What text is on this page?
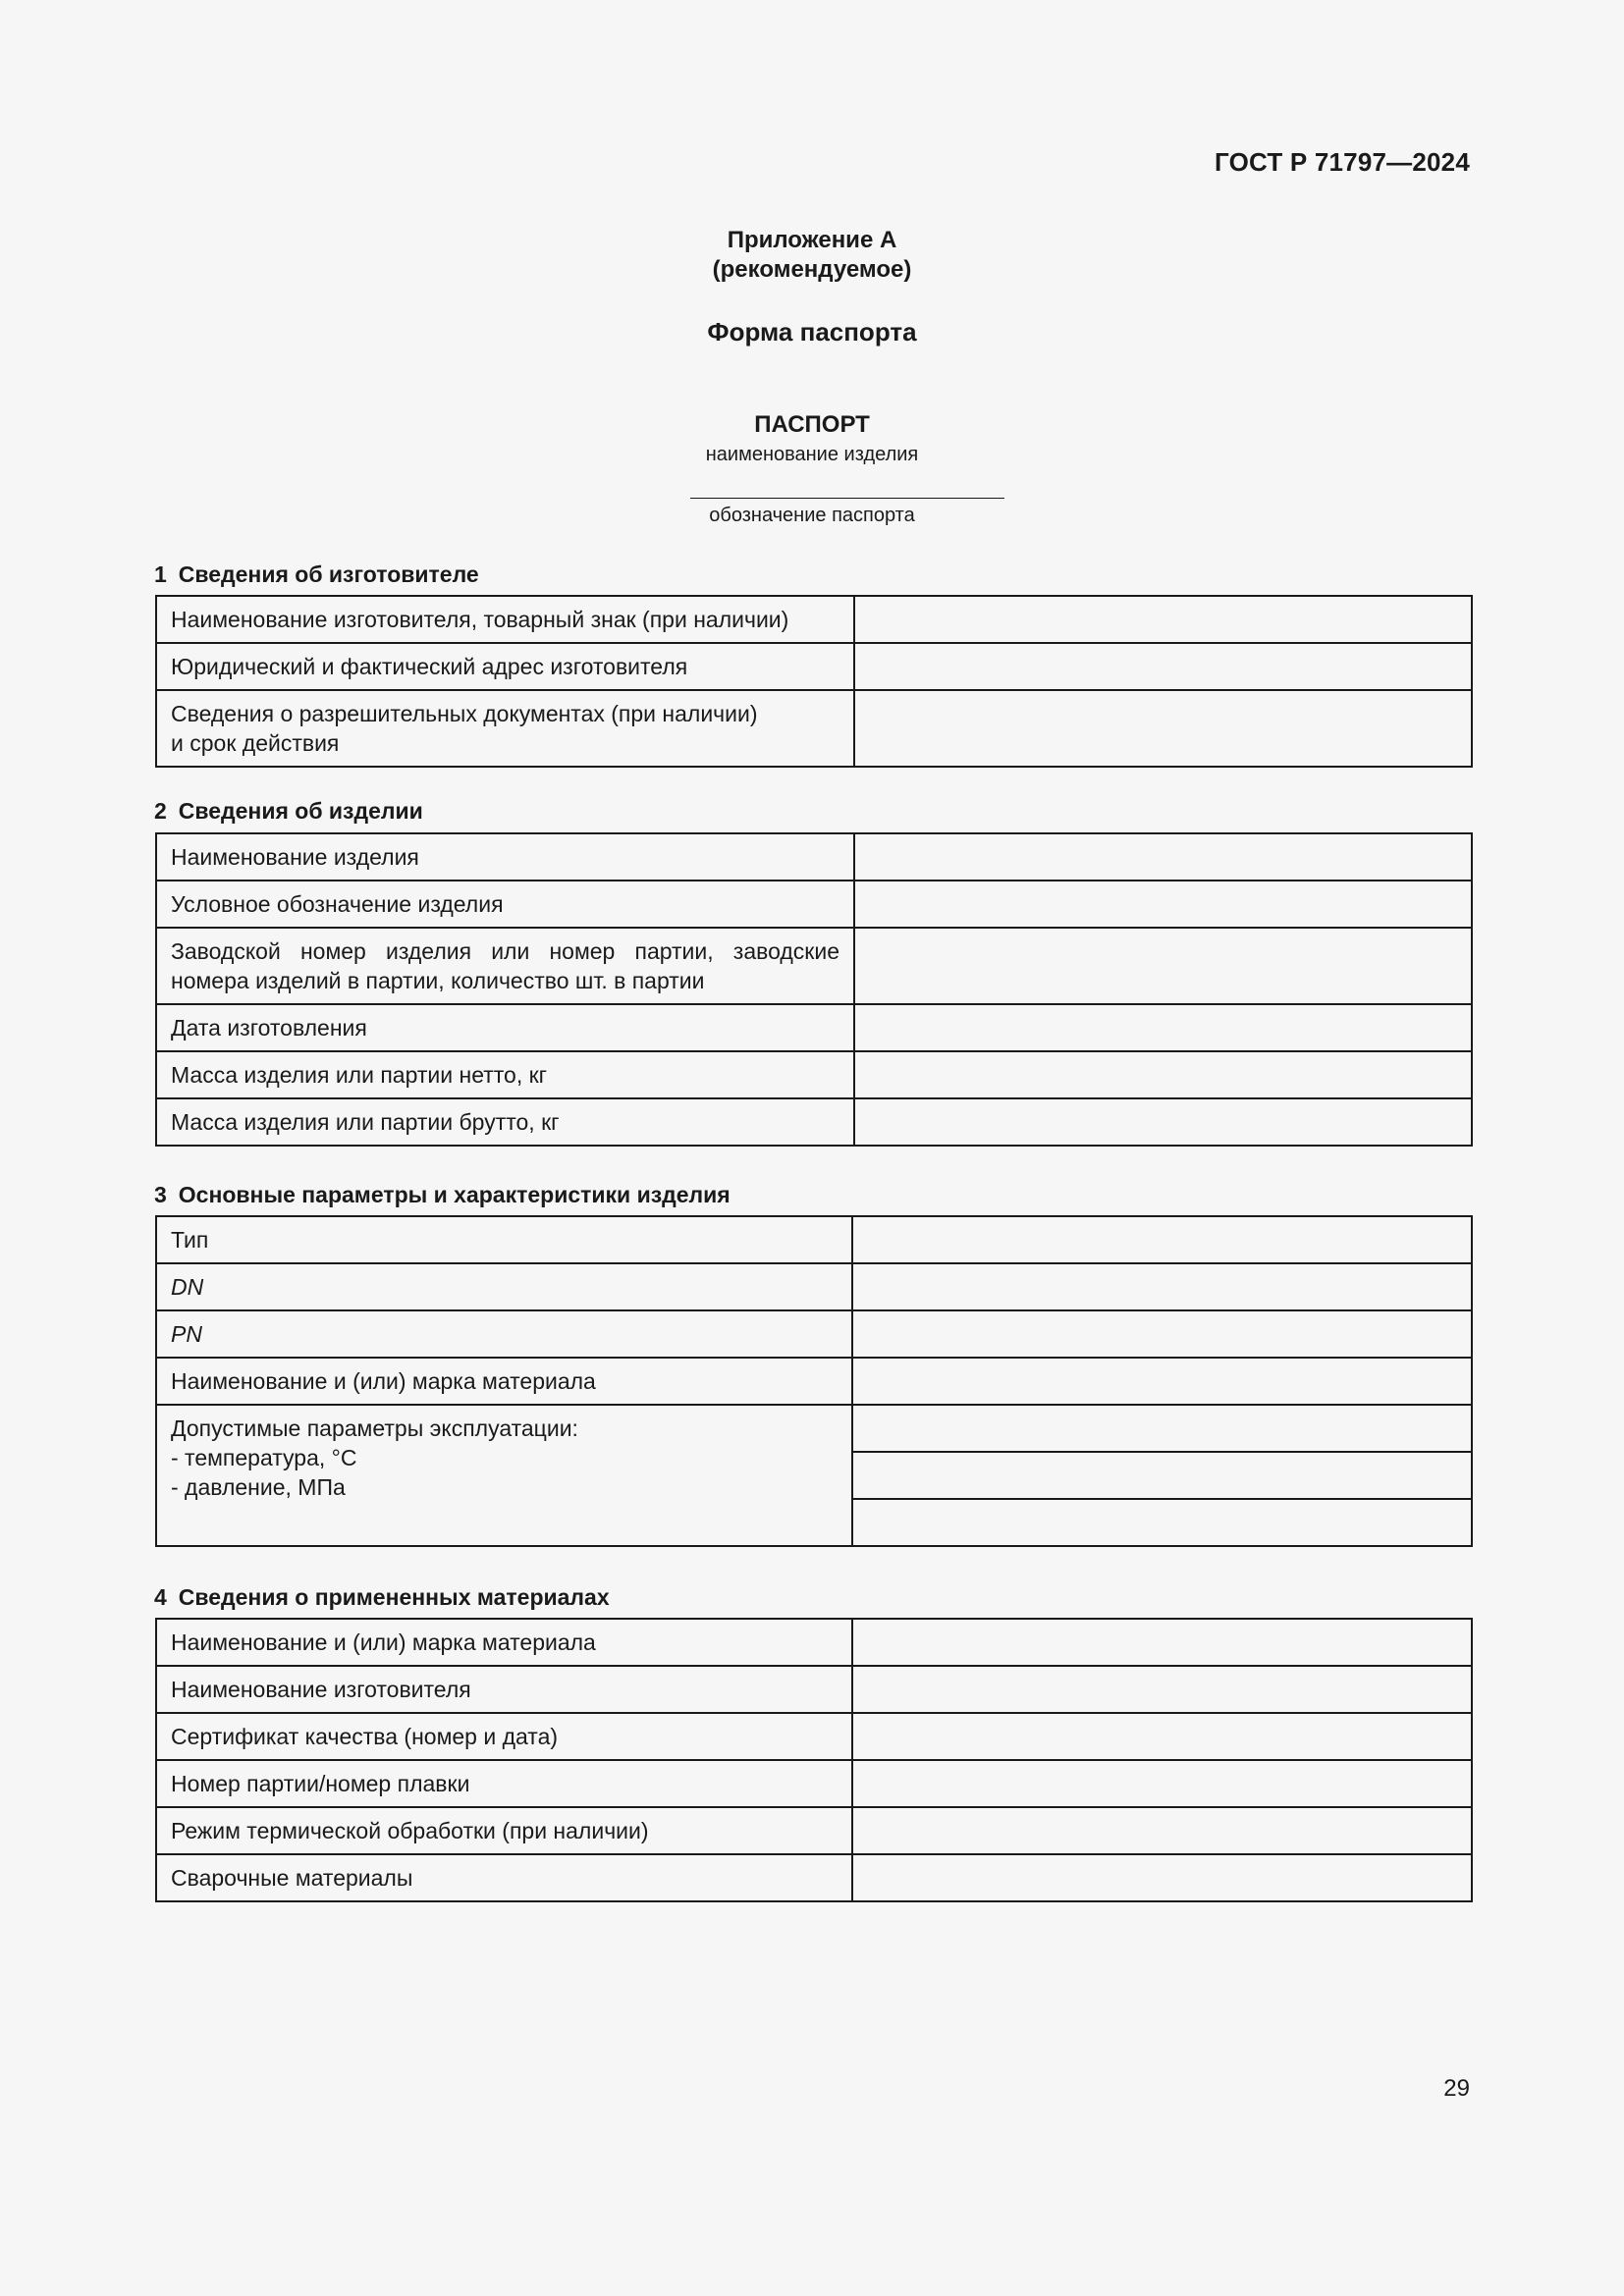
ГОСТ Р 71797—2024
Приложение А
(рекомендуемое)
Форма паспорта
ПАСПОРТ
наименование изделия
обозначение паспорта
1 Сведения об изготовителе
Наименование изготовителя, товарный знак (при наличии)	
Юридический и фактический адрес изготовителя	

Сведения о разрешительных документах (при наличии)
и срок действия	

2 Сведения об изделии
Наименование изделия	
Условное обозначение изделия	

Заводской номер изделия или номер партии, заводские
номера изделий в партии, количество шт. в партии	

Дата изготовления	
Масса изделия или партии нетто, кг	
Масса изделия или партии брутто, кг	
3 Основные параметры и характеристики изделия
Тип	
DN	
PN	
Наименование и (или) марка материала	

Допустимые параметры эксплуатации:
- температура, °С
- давление, МПа	

4 Сведения о примененных материалах
Наименование и (или) марка материала	
Наименование изготовителя	
Сертификат качества (номер и дата)	
Номер партии/номер плавки	
Режим термической обработки (при наличии)	
Сварочные материалы	
29
